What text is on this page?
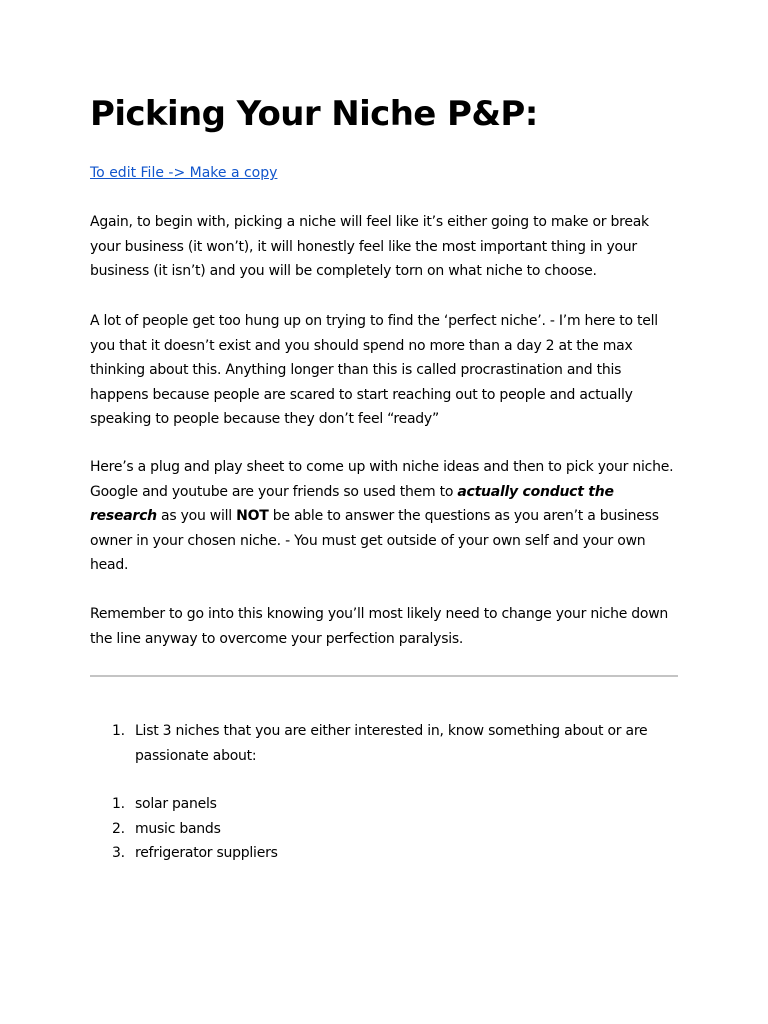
Picking Your Niche P&P:
To edit File -> Make a copy

Again, to begin with, picking a niche will feel like it’s either going to make or break your business (it won’t), it will honestly feel like the most important thing in your business (it isn’t) and you will be completely torn on what niche to choose.

A lot of people get too hung up on trying to find the ‘perfect niche’. - I’m here to tell you that it doesn’t exist and you should spend no more than a day 2 at the max thinking about this. Anything longer than this is called procrastination and this happens because people are scared to start reaching out to people and actually speaking to people because they don’t feel “ready”

Here’s a plug and play sheet to come up with niche ideas and then to pick your niche. Google and youtube are your friends so used them to actually conduct the research as you will NOT be able to answer the questions as you aren’t a business owner in your chosen niche. - You must get outside of your own self and your own head.

Remember to go into this knowing you’ll most likely need to change your niche down the line anyway to overcome your perfection paralysis.

1. List 3 niches that you are either interested in, know something about or are passionate about:
1. solar panels
2. music bands
3. refrigerator suppliers
